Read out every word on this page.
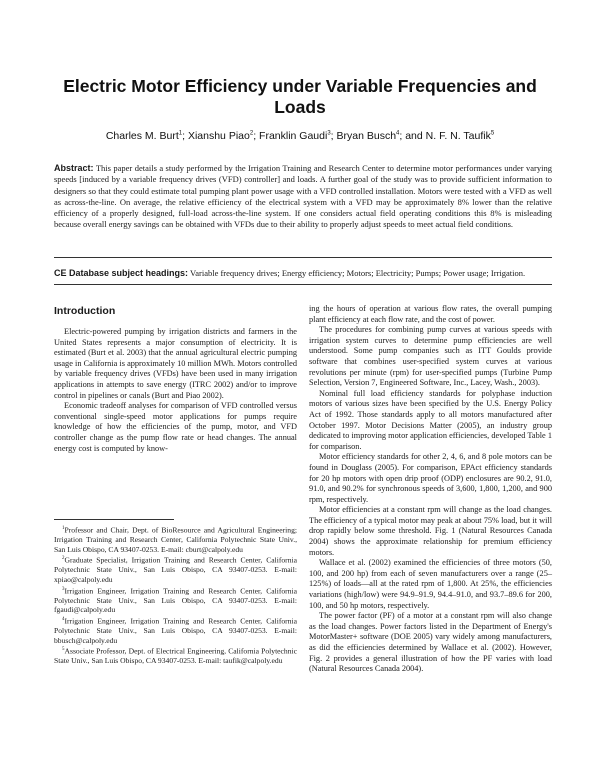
Electric Motor Efficiency under Variable Frequencies and Loads
Charles M. Burt$^1$; Xianshu Piao$^2$; Franklin Gaudi$^3$; Bryan Busch$^4$; and N. F. N. Taufik$^5$

Abstract: This paper details a study performed by the Irrigation Training and Research Center to determine motor performances under varying speeds [induced by a variable frequency drives (VFD) controller] and loads. A further goal of the study was to provide sufficient information to designers so that they could estimate total pumping plant power usage with a VFD controlled installation. Motors were tested with a VFD as well as across-the-line. On average, the relative efficiency of the electrical system with a VFD may be approximately 8% lower than the relative efficiency of a properly designed, full-load across-the-line system. If one considers actual field operating conditions this 8% is misleading because overall energy savings can be obtained with VFDs due to their ability to properly adjust speeds to meet actual field conditions.

CE Database subject headings: Variable frequency drives; Energy efficiency; Motors; Electricity; Pumps; Power usage; Irrigation.

Introduction

Electric-powered pumping by irrigation districts and farmers in the United States represents a major consumption of electricity. It is estimated (Burt et al. 2003) that the annual agricultural electric pumping usage in California is approximately 10 million MWh. Motors controlled by variable frequency drives (VFDs) have been used in many irrigation applications in attempts to save energy (ITRC 2002) and/or to improve control in pipelines or canals (Burt and Piao 2002).

Economic tradeoff analyses for comparison of VFD controlled versus conventional single-speed motor applications for pumps require knowledge of how the efficiencies of the pump, motor, and VFD controller change as the pump flow rate or head changes. The annual energy cost is computed by know-

$^1$Professor and Chair, Dept. of BioResource and Agricultural Engineering; Irrigation Training and Research Center, California Polytechnic State Univ., San Luis Obispo, CA 93407-0253. E-mail: cburt@calpoly.edu

$^2$Graduate Specialist, Irrigation Training and Research Center, California Polytechnic State Univ., San Luis Obispo, CA 93407-0253. E-mail: xpiao@calpoly.edu

$^3$Irrigation Engineer, Irrigation Training and Research Center, California Polytechnic State Univ., San Luis Obispo, CA 93407-0253. E-mail: fgaudi@calpoly.edu

$^4$Irrigation Engineer, Irrigation Training and Research Center, California Polytechnic State Univ., San Luis Obispo, CA 93407-0253. E-mail: bbusch@calpoly.edu

$^5$Associate Professor, Dept. of Electrical Engineering, California Polytechnic State Univ., San Luis Obispo, CA 93407-0253. E-mail: taufik@calpoly.edu

ing the hours of operation at various flow rates, the overall pumping plant efficiency at each flow rate, and the cost of power.

The procedures for combining pump curves at various speeds with irrigation system curves to determine pump efficiencies are well understood. Some pump companies such as ITT Goulds provide software that combines user-specified system curves at various revolutions per minute (rpm) for user-specified pumps (Turbine Pump Selection, Version 7, Engineered Software, Inc., Lacey, Wash., 2003).

Nominal full load efficiency standards for polyphase induction motors of various sizes have been specified by the U.S. Energy Policy Act of 1992. Those standards apply to all motors manufactured after October 1997. Motor Decisions Matter (2005), an industry group dedicated to improving motor application efficiencies, developed Table 1 for comparison.

Motor efficiency standards for other 2, 4, 6, and 8 pole motors can be found in Douglass (2005). For comparison, EPAct efficiency standards for 20 hp motors with open drip proof (ODP) enclosures are 90.2, 91.0, 91.0, and 90.2% for synchronous speeds of 3,600, 1,800, 1,200, and 900 rpm, respectively.

Motor efficiencies at a constant rpm will change as the load changes. The efficiency of a typical motor may peak at about 75% load, but it will drop rapidly below some threshold. Fig. 1 (Natural Resources Canada 2004) shows the approximate relationship for premium efficiency motors.

Wallace et al. (2002) examined the efficiencies of three motors (50, 100, and 200 hp) from each of seven manufacturers over a range (25–125%) of loads—all at the rated rpm of 1,800. At 25%, the efficiencies variations (high/low) were 94.9–91.9, 94.4–91.0, and 93.7–89.6 for 200, 100, and 50 hp motors, respectively.

The power factor (PF) of a motor at a constant rpm will also change as the load changes. Power factors listed in the Department of Energy's MotorMaster+ software (DOE 2005) vary widely among manufacturers, as did the efficiencies determined by Wallace et al. (2002). However, Fig. 2 provides a general illustration of how the PF varies with load (Natural Resources Canada 2004).
